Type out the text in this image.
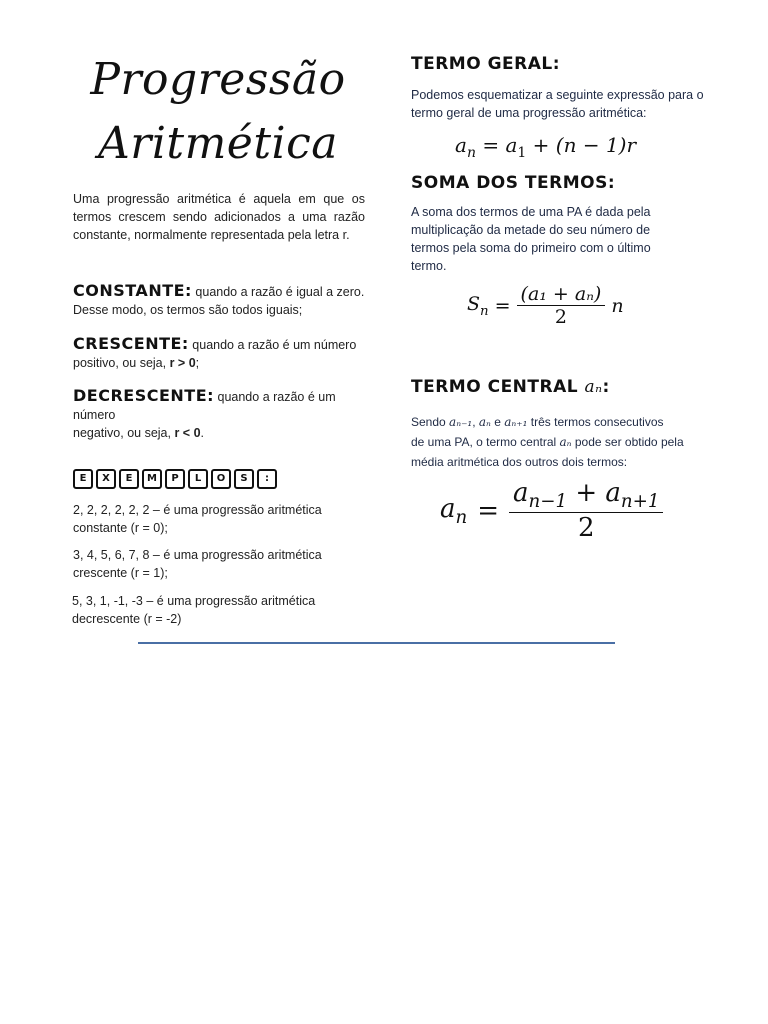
Progressão
Aritmética
Uma progressão aritmética é aquela em que os termos crescem sendo adicionados a uma razão constante, normalmente representada pela letra r.
CONSTANTE: quando a razão é igual a zero.
Desse modo, os termos são todos iguais;
CRESCENTE: quando a razão é um número
positivo, ou seja, r > 0;
DECRESCENTE: quando a razão é um número
negativo, ou seja, r < 0.
E	X	E	M	P	L	O	S	:
2, 2, 2, 2, 2, 2 – é uma progressão aritmética
constante (r = 0);
3, 4, 5, 6, 7, 8 – é uma progressão aritmética
crescente (r = 1);
5, 3, 1, -1, -3 – é uma progressão aritmética
decrescente (r = -2)
TERMO GERAL:
Podemos esquematizar a seguinte expressão para o termo geral de uma progressão aritmética:
$a_n = a_1 + (n - 1)r$
SOMA DOS TERMOS:
A soma dos termos de uma PA é dada pela multiplicação da metade do seu número de termos pela soma do primeiro com o último termo.
$S_n = \frac{\text{(a₁ + aₙ)}}{2}$ n
TERMO CENTRAL aₙ:
Sendo aₙ₋₁, aₙ e aₙ₊₁ três termos consecutivos
de uma PA, o termo central aₙ pode ser obtido pela
média aritmética dos outros dois termos:
$a_n = \frac{a_{n-1} + a_{n+1}}{2}$
